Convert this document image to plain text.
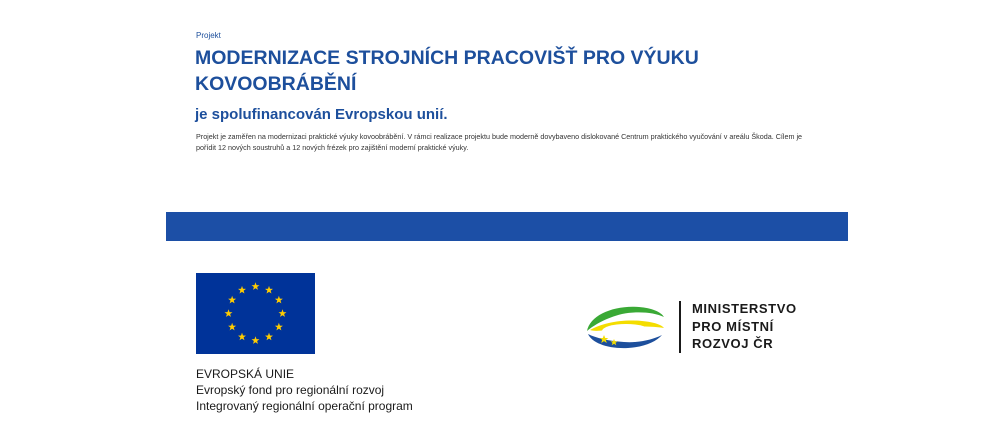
Projekt
MODERNIZACE STROJNÍCH PRACOVIŠŤ PRO VÝUKU KOVOOBRÁBĚNÍ
je spolufinancován Evropskou unií.
Projekt je zaměřen na modernizaci praktické výuky kovoobrábění. V rámci realizace projektu bude moderně dovybaveno dislokované Centrum praktického vyučování v areálu Škoda. Cílem je pořídit 12 nových soustruhů a 12 nových frézek pro zajištění moderní praktické výuky.
EVROPSKÁ UNIE
Evropský fond pro regionální rozvoj
Integrovaný regionální operační program
MINISTERSTVO
PRO MÍSTNÍ
ROZVOJ ČR
